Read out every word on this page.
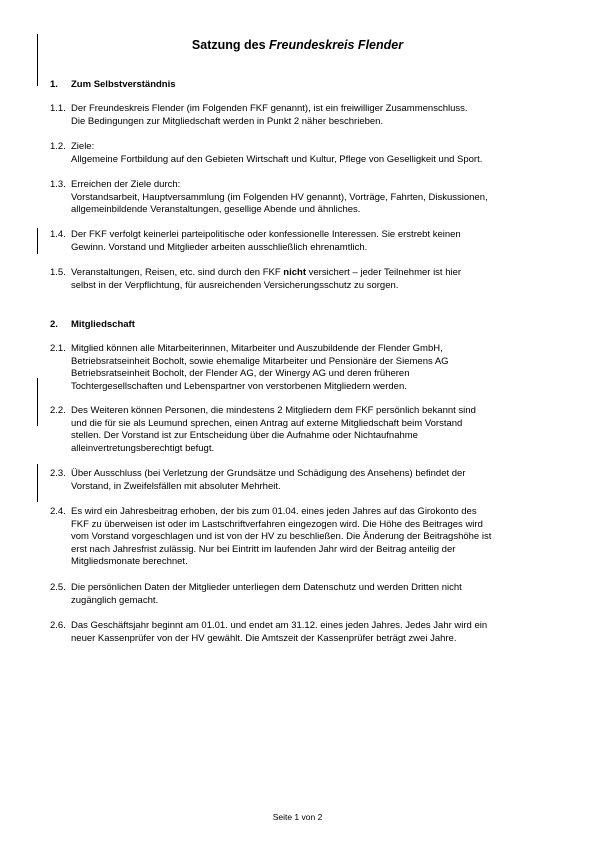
Satzung des Freundeskreis Flender
1. Zum Selbstverständnis
1.1. Der Freundeskreis Flender (im Folgenden FKF genannt), ist ein freiwilliger Zusammenschluss.
Die Bedingungen zur Mitgliedschaft werden in Punkt 2 näher beschrieben.
1.2. Ziele:
Allgemeine Fortbildung auf den Gebieten Wirtschaft und Kultur, Pflege von Geselligkeit und Sport.
1.3. Erreichen der Ziele durch:
Vorstandsarbeit, Hauptversammlung (im Folgenden HV genannt), Vorträge, Fahrten, Diskussionen,
allgemeinbildende Veranstaltungen, gesellige Abende und ähnliches.
1.4. Der FKF verfolgt keinerlei parteipolitische oder konfessionelle Interessen. Sie erstrebt keinen
Gewinn. Vorstand und Mitglieder arbeiten ausschließlich ehrenamtlich.
1.5. Veranstaltungen, Reisen, etc. sind durch den FKF nicht versichert – jeder Teilnehmer ist hier
selbst in der Verpflichtung, für ausreichenden Versicherungsschutz zu sorgen.
2. Mitgliedschaft
2.1. Mitglied können alle Mitarbeiterinnen, Mitarbeiter und Auszubildende der Flender GmbH,
Betriebsratseinheit Bocholt, sowie ehemalige Mitarbeiter und Pensionäre der Siemens AG
Betriebsratseinheit Bocholt, der Flender AG, der Winergy AG und deren früheren
Tochtergesellschaften und Lebenspartner von verstorbenen Mitgliedern werden.
2.2. Des Weiteren können Personen, die mindestens 2 Mitgliedern dem FKF persönlich bekannt sind
und die für sie als Leumund sprechen, einen Antrag auf externe Mitgliedschaft beim Vorstand
stellen. Der Vorstand ist zur Entscheidung über die Aufnahme oder Nichtaufnahme
alleinvertretungsberechtigt befugt.
2.3. Über Ausschluss (bei Verletzung der Grundsätze und Schädigung des Ansehens) befindet der
Vorstand, in Zweifelsfällen mit absoluter Mehrheit.
2.4. Es wird ein Jahresbeitrag erhoben, der bis zum 01.04. eines jeden Jahres auf das Girokonto des
FKF zu überweisen ist oder im Lastschriftverfahren eingezogen wird. Die Höhe des Beitrages wird
vom Vorstand vorgeschlagen und ist von der HV zu beschließen. Die Änderung der Beitragshöhe ist
erst nach Jahresfrist zulässig. Nur bei Eintritt im laufenden Jahr wird der Beitrag anteilig der
Mitgliedsmonate berechnet.
2.5. Die persönlichen Daten der Mitglieder unterliegen dem Datenschutz und werden Dritten nicht
zugänglich gemacht.
2.6. Das Geschäftsjahr beginnt am 01.01. und endet am 31.12. eines jeden Jahres. Jedes Jahr wird ein
neuer Kassenprüfer von der HV gewählt. Die Amtszeit der Kassenprüfer beträgt zwei Jahre.
Seite 1 von 2
